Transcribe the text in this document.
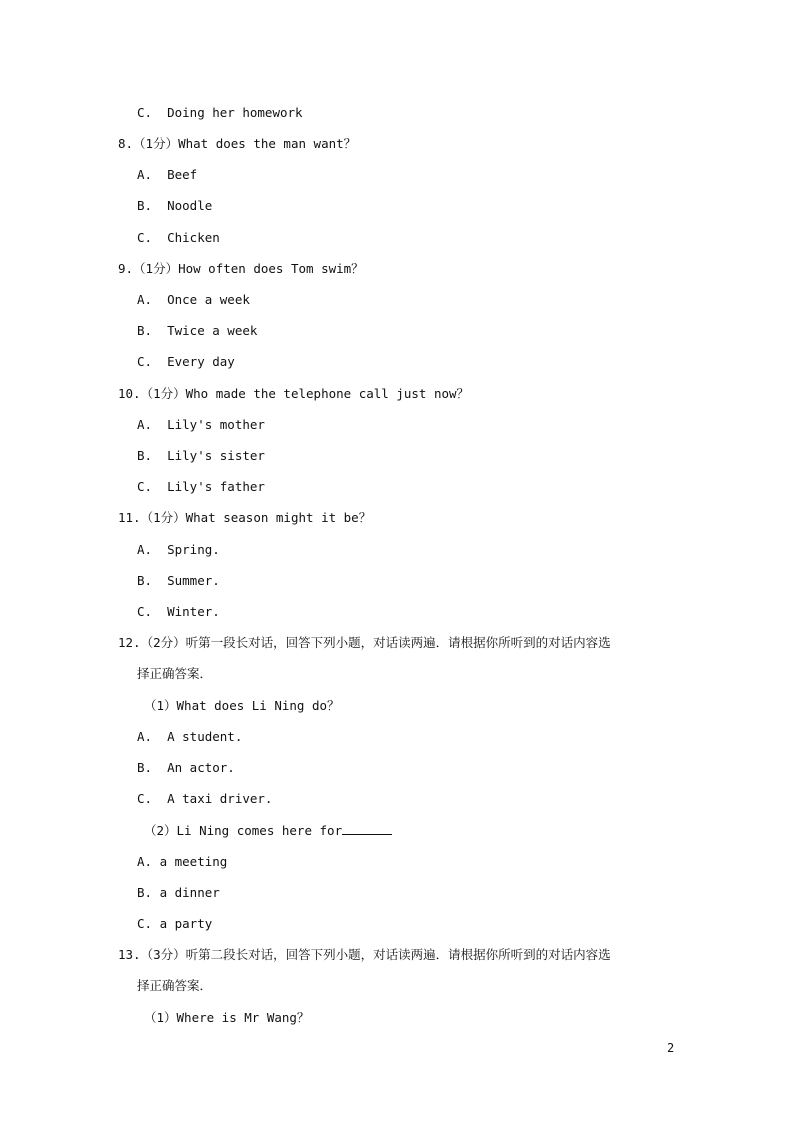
C.  Doing her homework
8.（1分）What does the man want？
A.  Beef
B.  Noodle
C.  Chicken
9.（1分）How often does Tom swim？
A.  Once a week
B.  Twice a week
C.  Every day
10.（1分）Who made the telephone call just now？
A.  Lily's mother
B.  Lily's sister
C.  Lily's father
11.（1分）What season might it be？
A.  Spring.
B.  Summer.
C.  Winter.
12.（2分）听第一段长对话，回答下列小题，对话读两遍．请根据你所听到的对话内容选
择正确答案．
（1）What does Li Ning do？
A.  A student.
B.  An actor.
C.  A taxi driver.
（2）Li Ning comes here for
A. a meeting
B. a dinner
C. a party
13.（3分）听第二段长对话，回答下列小题，对话读两遍．请根据你所听到的对话内容选
择正确答案．
（1）Where is Mr Wang？
2
